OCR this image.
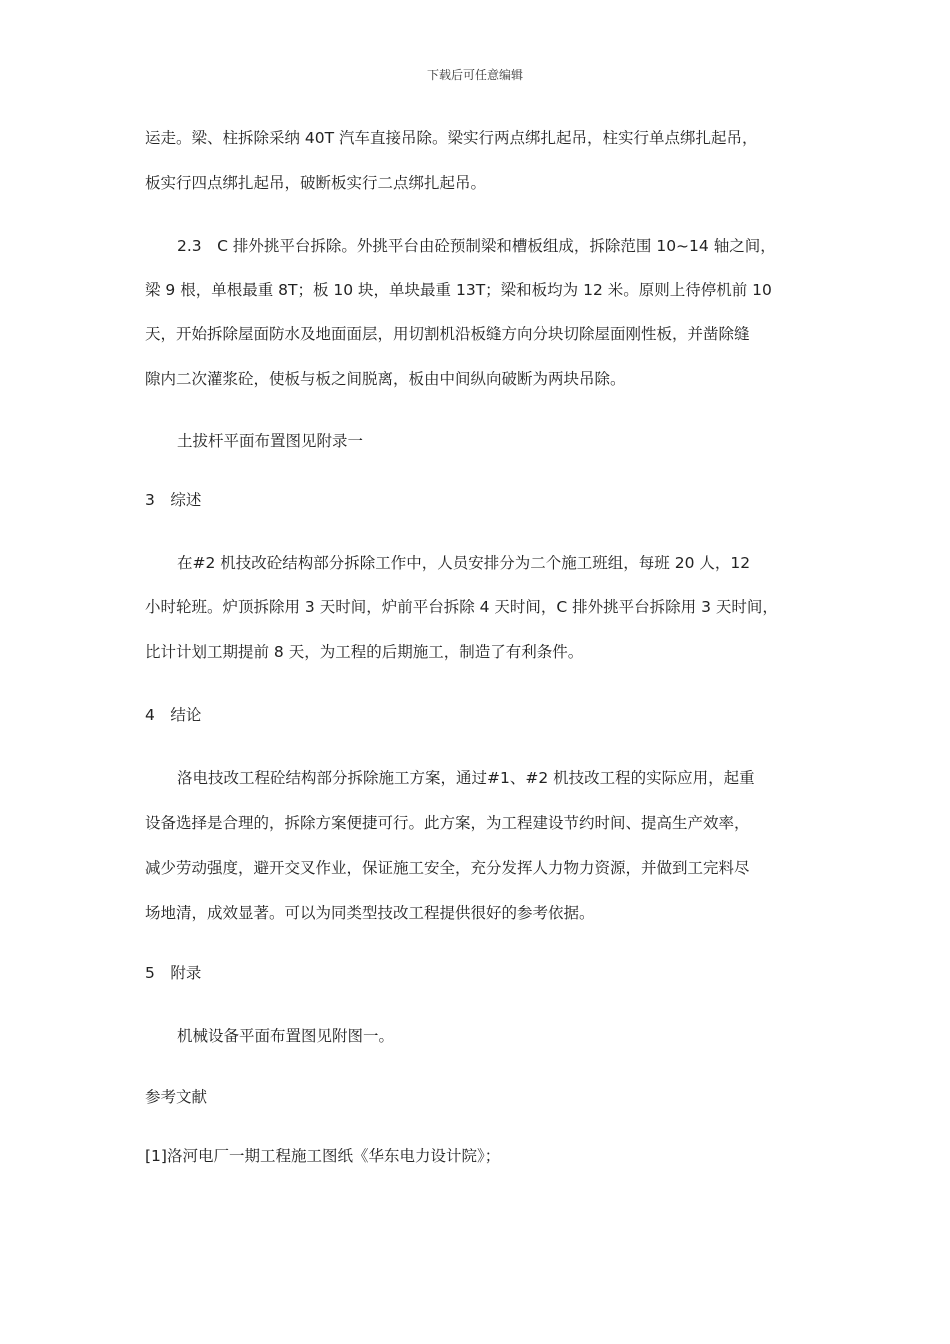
下载后可任意编辑
运走。梁、柱拆除采纳 40T 汽车直接吊除。梁实行两点绑扎起吊，柱实行单点绑扎起吊，
板实行四点绑扎起吊，破断板实行二点绑扎起吊。
2.3　C 排外挑平台拆除。外挑平台由砼预制梁和槽板组成，拆除范围 10~14 轴之间，
梁 9 根，单根最重 8T；板 10 块，单块最重 13T；梁和板均为 12 米。原则上待停机前 10
天，开始拆除屋面防水及地面面层，用切割机沿板缝方向分块切除屋面刚性板，并凿除缝
隙内二次灌浆砼，使板与板之间脱离，板由中间纵向破断为两块吊除。
土拔杆平面布置图见附录一
3　综述
在#2 机技改砼结构部分拆除工作中，人员安排分为二个施工班组，每班 20 人，12
小时轮班。炉顶拆除用 3 天时间，炉前平台拆除 4 天时间，C 排外挑平台拆除用 3 天时间，
比计计划工期提前 8 天，为工程的后期施工，制造了有利条件。
4　结论
洛电技改工程砼结构部分拆除施工方案，通过#1、#2 机技改工程的实际应用，起重
设备选择是合理的，拆除方案便捷可行。此方案，为工程建设节约时间、提高生产效率，
减少劳动强度，避开交叉作业，保证施工安全，充分发挥人力物力资源，并做到工完料尽
场地清，成效显著。可以为同类型技改工程提供很好的参考依据。
5　附录
机械设备平面布置图见附图一。
参考文献
[1]洛河电厂一期工程施工图纸《华东电力设计院》；
